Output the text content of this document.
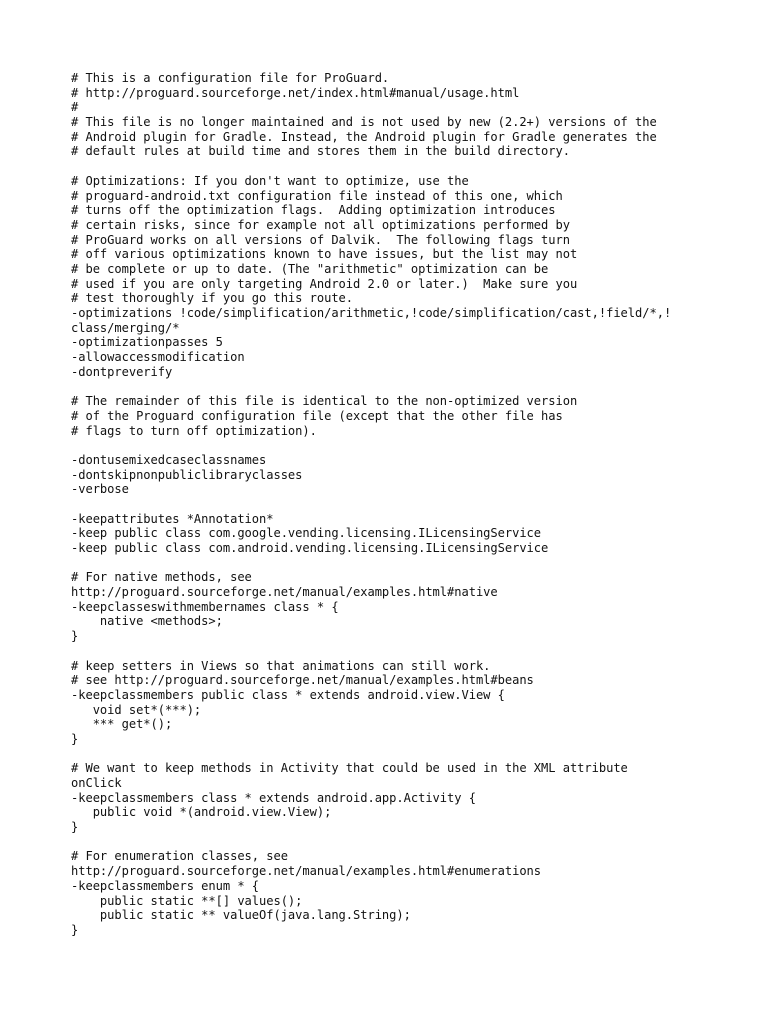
# This is a configuration file for ProGuard.
# http://proguard.sourceforge.net/index.html#manual/usage.html
#
# This file is no longer maintained and is not used by new (2.2+) versions of the
# Android plugin for Gradle. Instead, the Android plugin for Gradle generates the
# default rules at build time and stores them in the build directory.
# Optimizations: If you don't want to optimize, use the
# proguard-android.txt configuration file instead of this one, which
# turns off the optimization flags.  Adding optimization introduces
# certain risks, since for example not all optimizations performed by
# ProGuard works on all versions of Dalvik.  The following flags turn
# off various optimizations known to have issues, but the list may not
# be complete or up to date. (The "arithmetic" optimization can be
# used if you are only targeting Android 2.0 or later.)  Make sure you
# test thoroughly if you go this route.
-optimizations !code/simplification/arithmetic,!code/simplification/cast,!field/*,!
class/merging/*
-optimizationpasses 5
-allowaccessmodification
-dontpreverify
# The remainder of this file is identical to the non-optimized version
# of the Proguard configuration file (except that the other file has
# flags to turn off optimization).
-dontusemixedcaseclassnames
-dontskipnonpubliclibraryclasses
-verbose
-keepattributes *Annotation*
-keep public class com.google.vending.licensing.ILicensingService
-keep public class com.android.vending.licensing.ILicensingService
# For native methods, see
http://proguard.sourceforge.net/manual/examples.html#native
-keepclasseswithmembernames class * {
native <methods>;
}
# keep setters in Views so that animations can still work.
# see http://proguard.sourceforge.net/manual/examples.html#beans
-keepclassmembers public class * extends android.view.View {
void set*(***);
*** get*();
}
# We want to keep methods in Activity that could be used in the XML attribute
onClick
-keepclassmembers class * extends android.app.Activity {
public void *(android.view.View);
}
# For enumeration classes, see
http://proguard.sourceforge.net/manual/examples.html#enumerations
-keepclassmembers enum * {
public static **[] values();
public static ** valueOf(java.lang.String);
}
